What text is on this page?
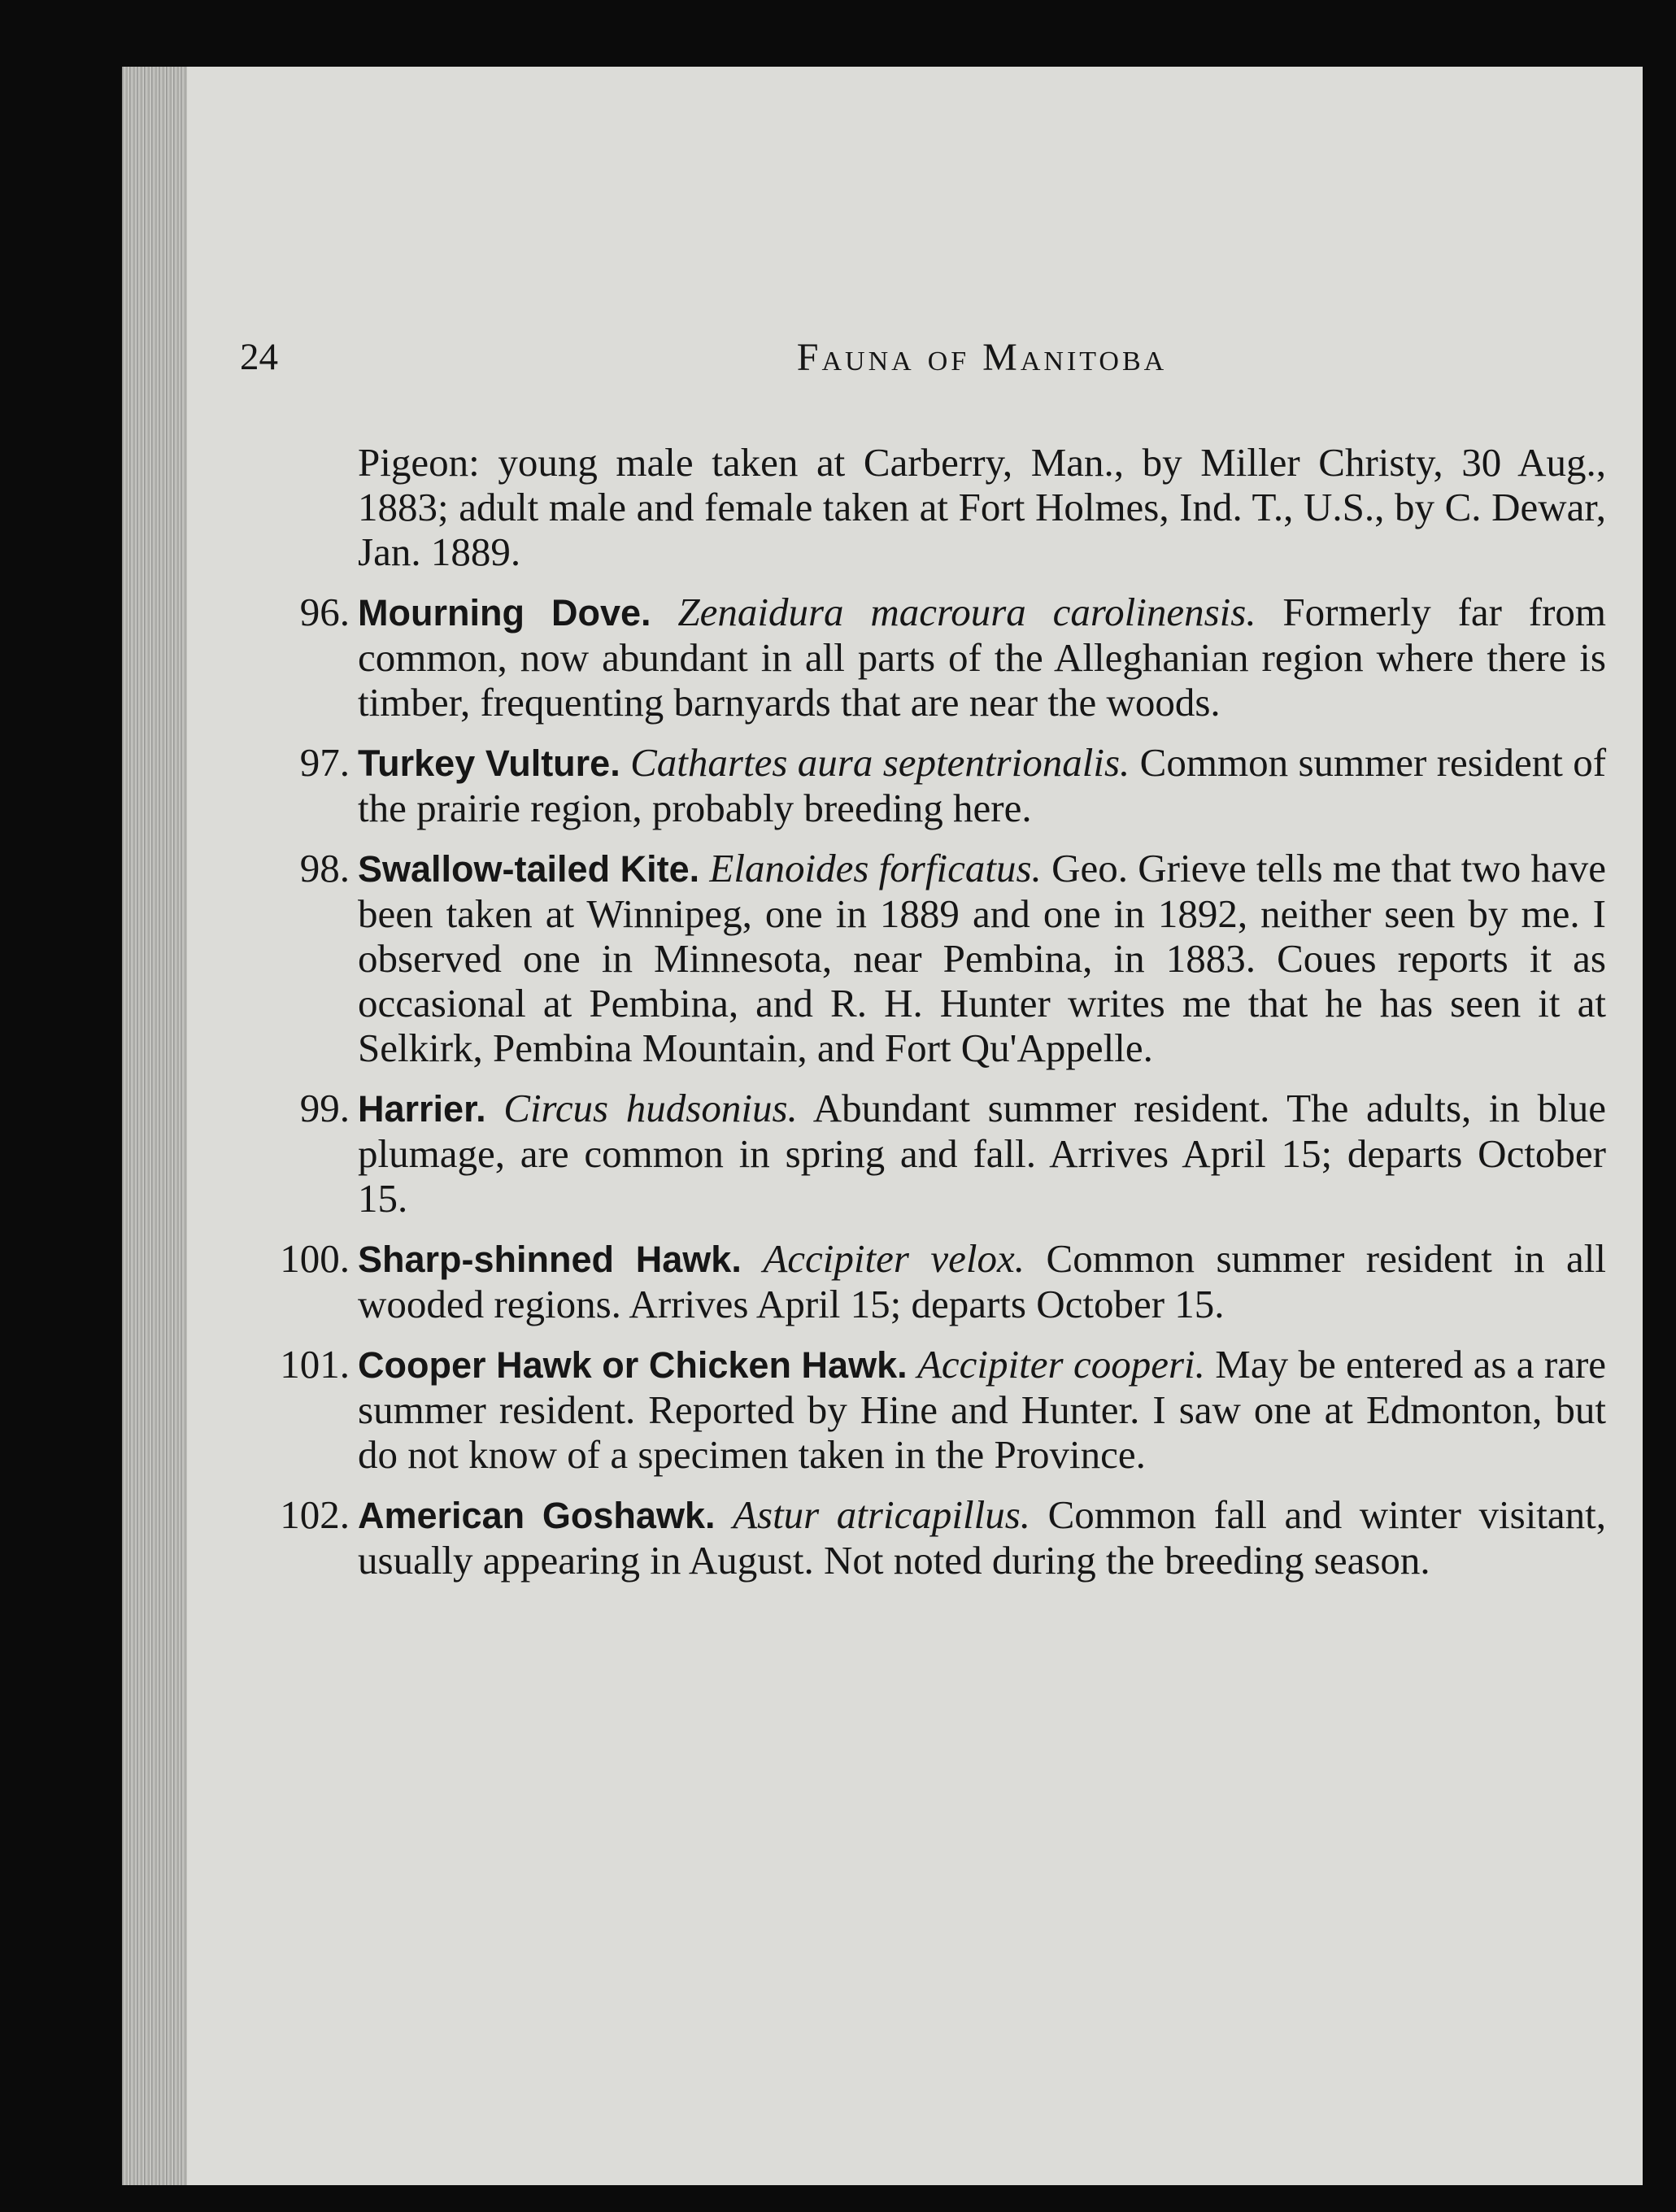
24	Fauna of Manitoba

Pigeon: young male taken at Carberry, Man., by Miller Christy, 30 Aug., 1883; adult male and female taken at Fort Holmes, Ind. T., U.S., by C. Dewar, Jan. 1889.

96. Mourning Dove. Zenaidura macroura carolinensis. Formerly far from common, now abundant in all parts of the Alleghanian region where there is timber, frequenting barnyards that are near the woods.

97. Turkey Vulture. Cathartes aura septentrionalis. Common summer resident of the prairie region, probably breeding here.

98. Swallow-tailed Kite. Elanoides forficatus. Geo. Grieve tells me that two have been taken at Winnipeg, one in 1889 and one in 1892, neither seen by me. I observed one in Minnesota, near Pembina, in 1883. Coues reports it as occasional at Pembina, and R. H. Hunter writes me that he has seen it at Selkirk, Pembina Mountain, and Fort Qu'Appelle.

99. Harrier. Circus hudsonius. Abundant summer resident. The adults, in blue plumage, are common in spring and fall. Arrives April 15; departs October 15.

100. Sharp-shinned Hawk. Accipiter velox. Common summer resident in all wooded regions. Arrives April 15; departs October 15.

101. Cooper Hawk or Chicken Hawk. Accipiter cooperi. May be entered as a rare summer resident. Reported by Hine and Hunter. I saw one at Edmonton, but do not know of a specimen taken in the Province.

102. American Goshawk. Astur atricapillus. Common fall and winter visitant, usually appearing in August. Not noted during the breeding season.
